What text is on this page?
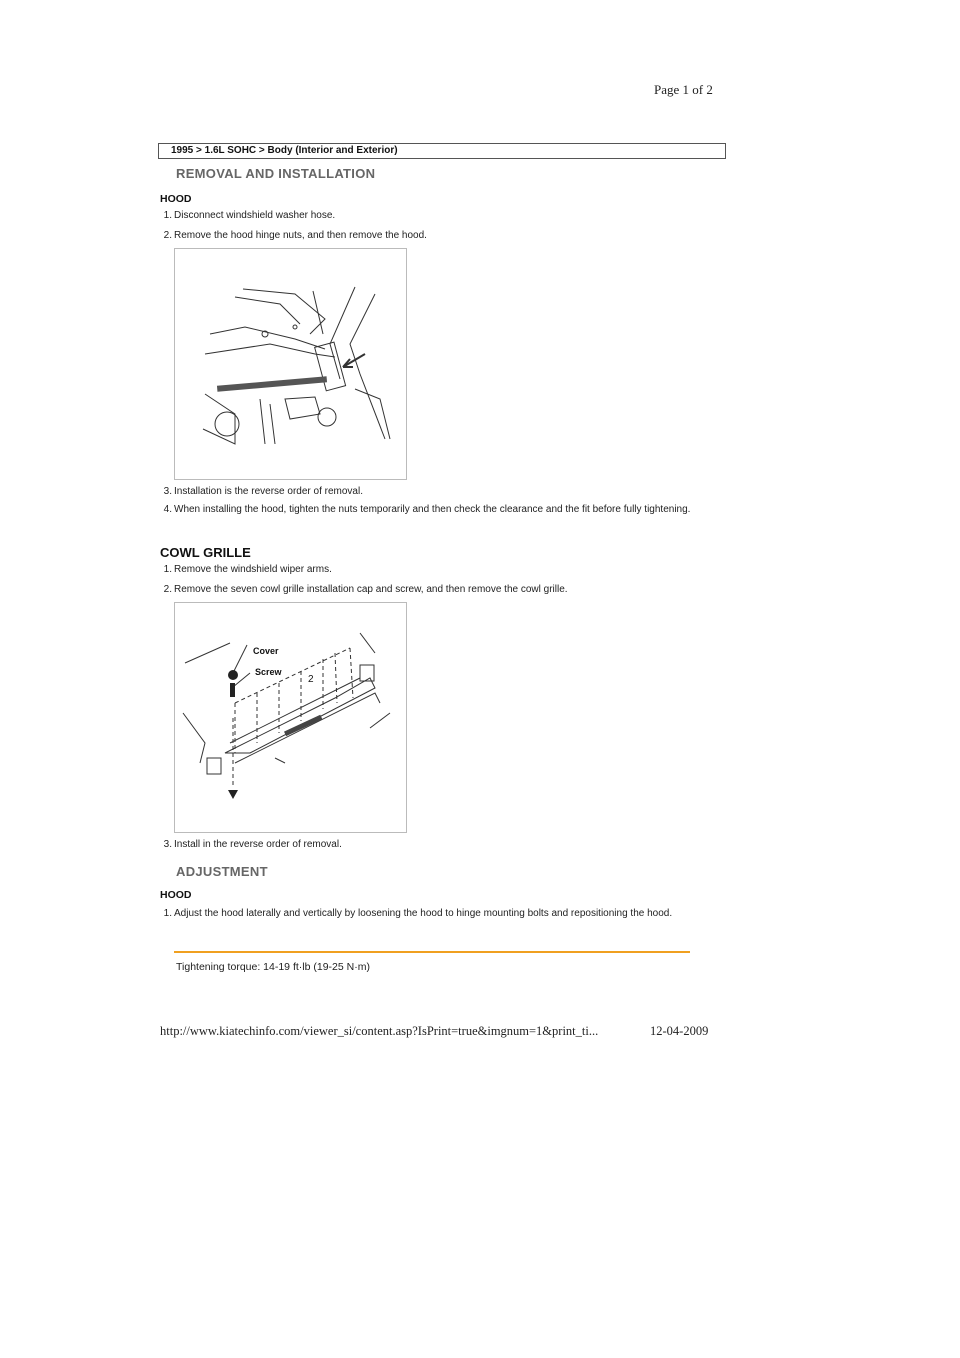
Page 1 of 2
1995 > 1.6L SOHC > Body (Interior and Exterior)
REMOVAL AND INSTALLATION
HOOD
1. Disconnect windshield washer hose.
2. Remove the hood hinge nuts, and then remove the hood.
3. Installation is the reverse order of removal.
4. When installing the hood, tighten the nuts temporarily and then check the clearance and the fit before fully tightening.
COWL GRILLE
1. Remove the windshield wiper arms.
2. Remove the seven cowl grille installation cap and screw, and then remove the cowl grille.
Cover
Screw
2
3. Install in the reverse order of removal.
ADJUSTMENT
HOOD
1. Adjust the hood laterally and vertically by loosening the hood to hinge mounting bolts and repositioning the hood.
Tightening torque: 14-19 ft·lb (19-25 N·m)
http://www.kiatechinfo.com/viewer_si/content.asp?IsPrint=true&imgnum=1&print_ti...	12-04-2009
